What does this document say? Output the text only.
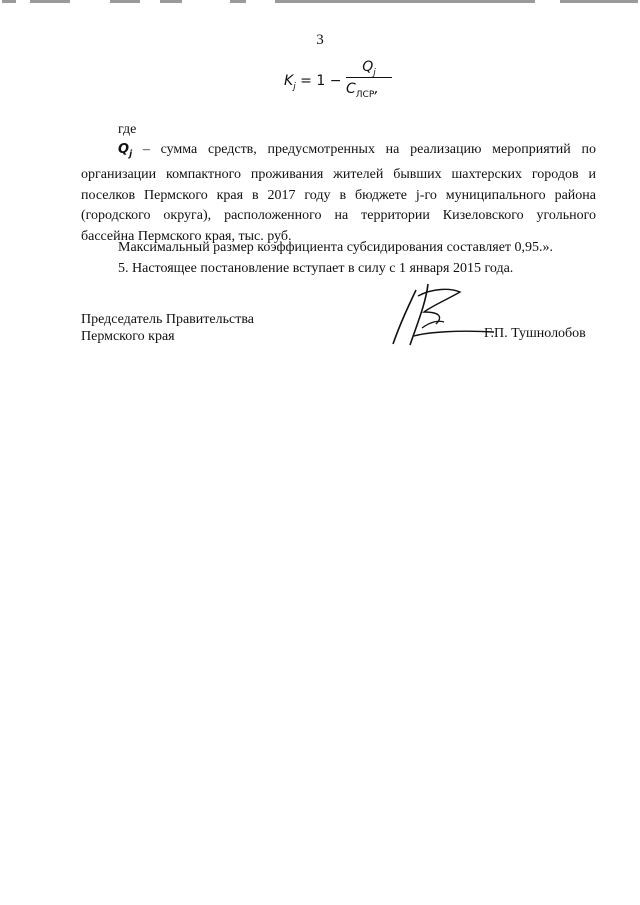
3
$K_j = 1$ −
$Q_j$
$C_{ЛСР}$,
где
$Q_j$ – сумма средств, предусмотренных на реализацию мероприятий по организации компактного проживания жителей бывших шахтерских городов и поселков Пермского края в 2017 году в бюджете j-го муниципального района (городского округа), расположенного на территории Кизеловского угольного бассейна Пермского края, тыс. руб.
Максимальный размер коэффициента субсидирования составляет 0,95.».
5. Настоящее постановление вступает в силу с 1 января 2015 года.
Председатель Правительства
Пермского края	Г.П. Тушнолобов
